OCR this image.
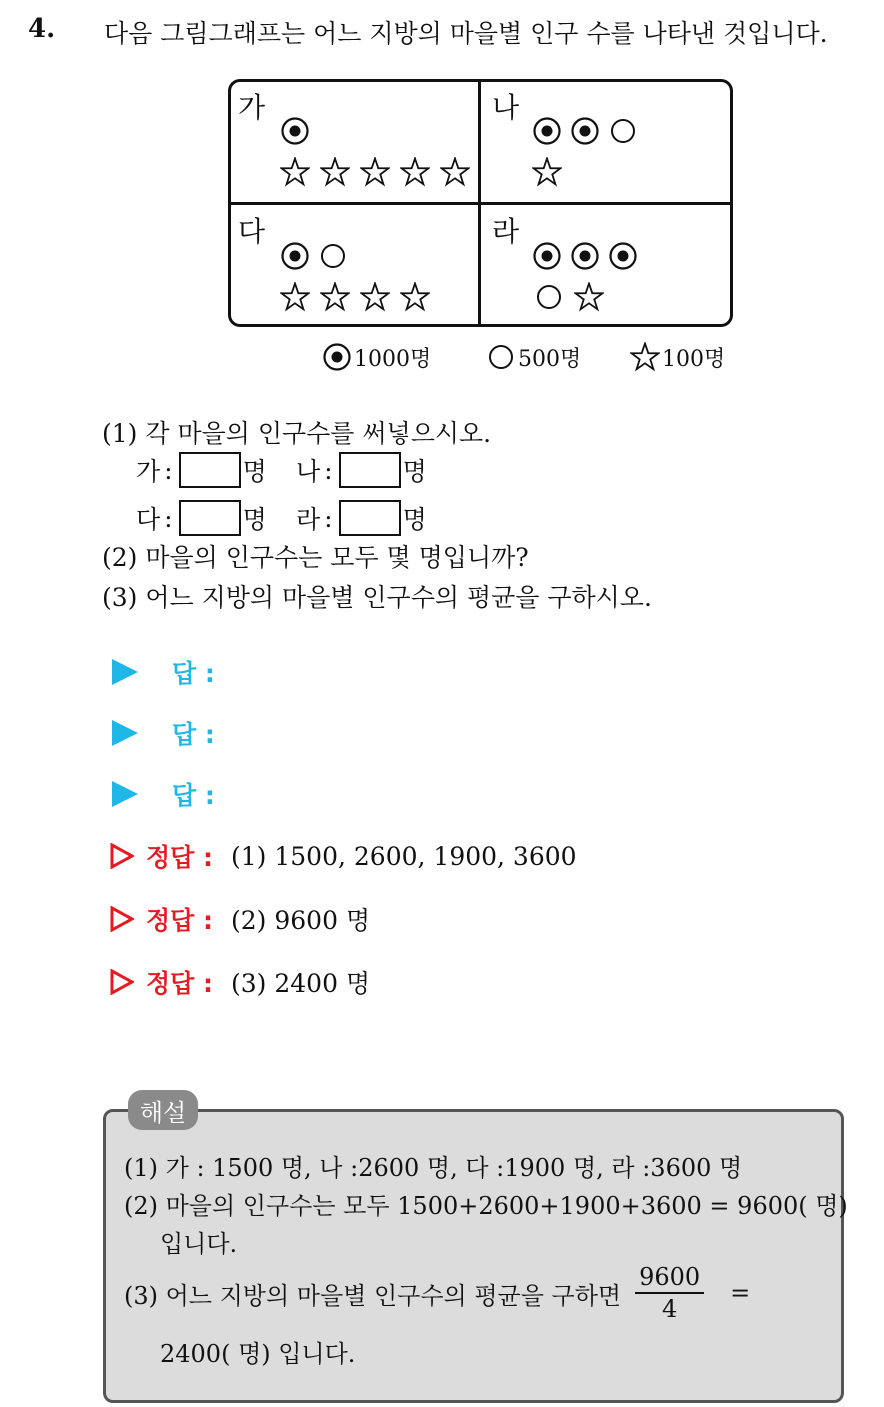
4. 다음 그림그래프는 어느 지방의 마을별 인구 수를 나타낸 것입니다.
가	나
다	라
1000명	500명	100명
(1) 각 마을의 인구수를 써넣으시오.
가 :	명 나 :	명
다 :	명 라 :	명
(2) 마을의 인구수는 모두 몇 명입니까?
(3) 어느 지방의 마을별 인구수의 평균을 구하시오.
답 :
답 :
답 :
정답 : (1) 1500, 2600, 1900, 3600
정답 : (2) 9600 명
정답 : (3) 2400 명
해설
(1) 가 : 1500 명, 나 :2600 명, 다 :1900 명, 라 :3600 명
(2) 마을의 인구수는 모두 1500+2600+1900+3600 = 9600( 명)
입니다.
(3) 어느 지방의 마을별 인구수의 평균을 구하면 $\frac{9600}{4}$ =
2400( 명) 입니다.
